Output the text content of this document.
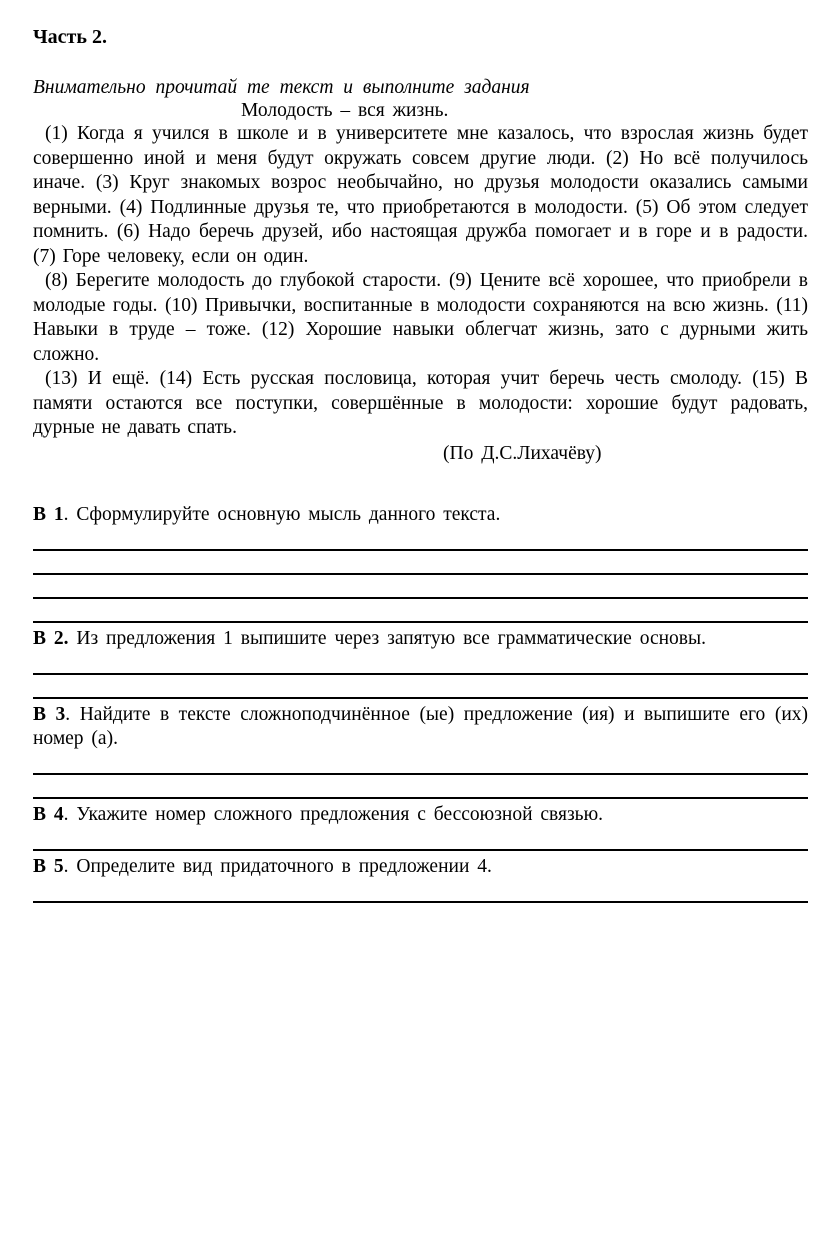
Часть 2.
Внимательно прочитай те текст и выполните задания
Молодость – вся жизнь.

(1) Когда я учился в школе и в университете мне казалось, что взрослая жизнь будет совершенно иной и меня будут окружать совсем другие люди. (2) Но всё получилось иначе. (3) Круг знакомых возрос необычайно, но друзья молодости оказались самыми верными. (4) Подлинные друзья те, что приобретаются в молодости. (5) Об этом следует помнить. (6) Надо беречь друзей, ибо настоящая дружба помогает и в горе и в радости. (7) Горе человеку, если он один.

(8) Берегите молодость до глубокой старости. (9) Цените всё хорошее, что приобрели в молодые годы. (10) Привычки, воспитанные в молодости сохраняются на всю жизнь. (11) Навыки в труде – тоже. (12) Хорошие навыки облегчат жизнь, зато с дурными жить сложно.

(13) И ещё. (14) Есть русская пословица, которая учит беречь честь смолоду. (15) В памяти остаются все поступки, совершённые в молодости: хорошие будут радовать, дурные не давать спать.

(По Д.С.Лихачёву)
В 1. Сформулируйте основную мысль данного текста.
В 2. Из предложения 1 выпишите через запятую все грамматические основы.
В 3. Найдите в тексте сложноподчинённое (ые) предложение (ия) и выпишите его (их) номер (а).
В 4. Укажите номер сложного предложения с бессоюзной связью.
В 5. Определите вид придаточного в предложении 4.
